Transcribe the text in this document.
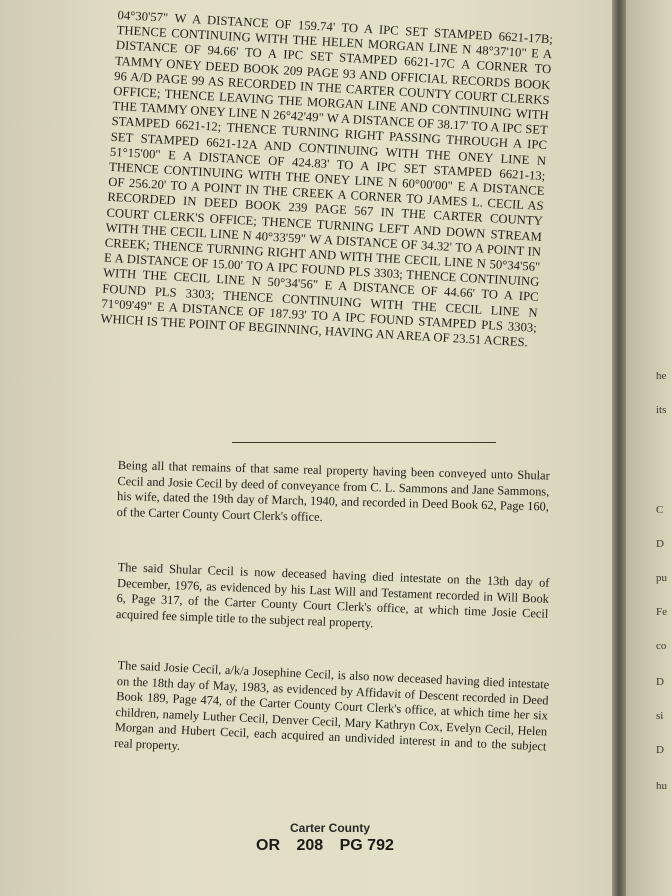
04°30'57" W A DISTANCE OF 159.74' TO A IPC SET STAMPED 6621-17B; THENCE CONTINUING WITH THE HELEN MORGAN LINE N 48°37'10" E A DISTANCE OF 94.66' TO A IPC SET STAMPED 6621-17C A CORNER TO TAMMY ONEY DEED BOOK 209 PAGE 93 AND OFFICIAL RECORDS BOOK 96 A/D PAGE 99 AS RECORDED IN THE CARTER COUNTY COURT CLERKS OFFICE; THENCE LEAVING THE MORGAN LINE AND CONTINUING WITH THE TAMMY ONEY LINE N 26°42'49" W A DISTANCE OF 38.17' TO A IPC SET STAMPED 6621-12; THENCE TURNING RIGHT PASSING THROUGH A IPC SET STAMPED 6621-12A AND CONTINUING WITH THE ONEY LINE N 51°15'00" E A DISTANCE OF 424.83' TO A IPC SET STAMPED 6621-13; THENCE CONTINUING WITH THE ONEY LINE N 60°00'00" E A DISTANCE OF 256.20' TO A POINT IN THE CREEK A CORNER TO JAMES L. CECIL AS RECORDED IN DEED BOOK 239 PAGE 567 IN THE CARTER COUNTY COURT CLERK'S OFFICE; THENCE TURNING LEFT AND DOWN STREAM WITH THE CECIL LINE N 40°33'59" W A DISTANCE OF 34.32' TO A POINT IN CREEK; THENCE TURNING RIGHT AND WITH THE CECIL LINE N 50°34'56" E A DISTANCE OF 15.00' TO A IPC FOUND PLS 3303; THENCE CONTINUING WITH THE CECIL LINE N 50°34'56" E A DISTANCE OF 44.66' TO A IPC FOUND PLS 3303; THENCE CONTINUING WITH THE CECIL LINE N 71°09'49" E A DISTANCE OF 187.93' TO A IPC FOUND STAMPED PLS 3303; WHICH IS THE POINT OF BEGINNING, HAVING AN AREA OF 23.51 ACRES.

Being all that remains of that same real property having been conveyed unto Shular Cecil and Josie Cecil by deed of conveyance from C. L. Sammons and Jane Sammons, his wife, dated the 19th day of March, 1940, and recorded in Deed Book 62, Page 160, of the Carter County Court Clerk's office.

The said Shular Cecil is now deceased having died intestate on the 13th day of December, 1976, as evidenced by his Last Will and Testament recorded in Will Book 6, Page 317, of the Carter County Court Clerk's office, at which time Josie Cecil acquired fee simple title to the subject real property.

The said Josie Cecil, a/k/a Josephine Cecil, is also now deceased having died intestate on the 18th day of May, 1983, as evidenced by Affidavit of Descent recorded in Deed Book 189, Page 474, of the Carter County Court Clerk's office, at which time her six children, namely Luther Cecil, Denver Cecil, Mary Kathryn Cox, Evelyn Cecil, Helen Morgan and Hubert Cecil, each acquired an undivided interest in and to the subject real property.

Carter County
OR 208 PG 792
he
its
C
D
pu
Fe
co
D
si
D
hu
